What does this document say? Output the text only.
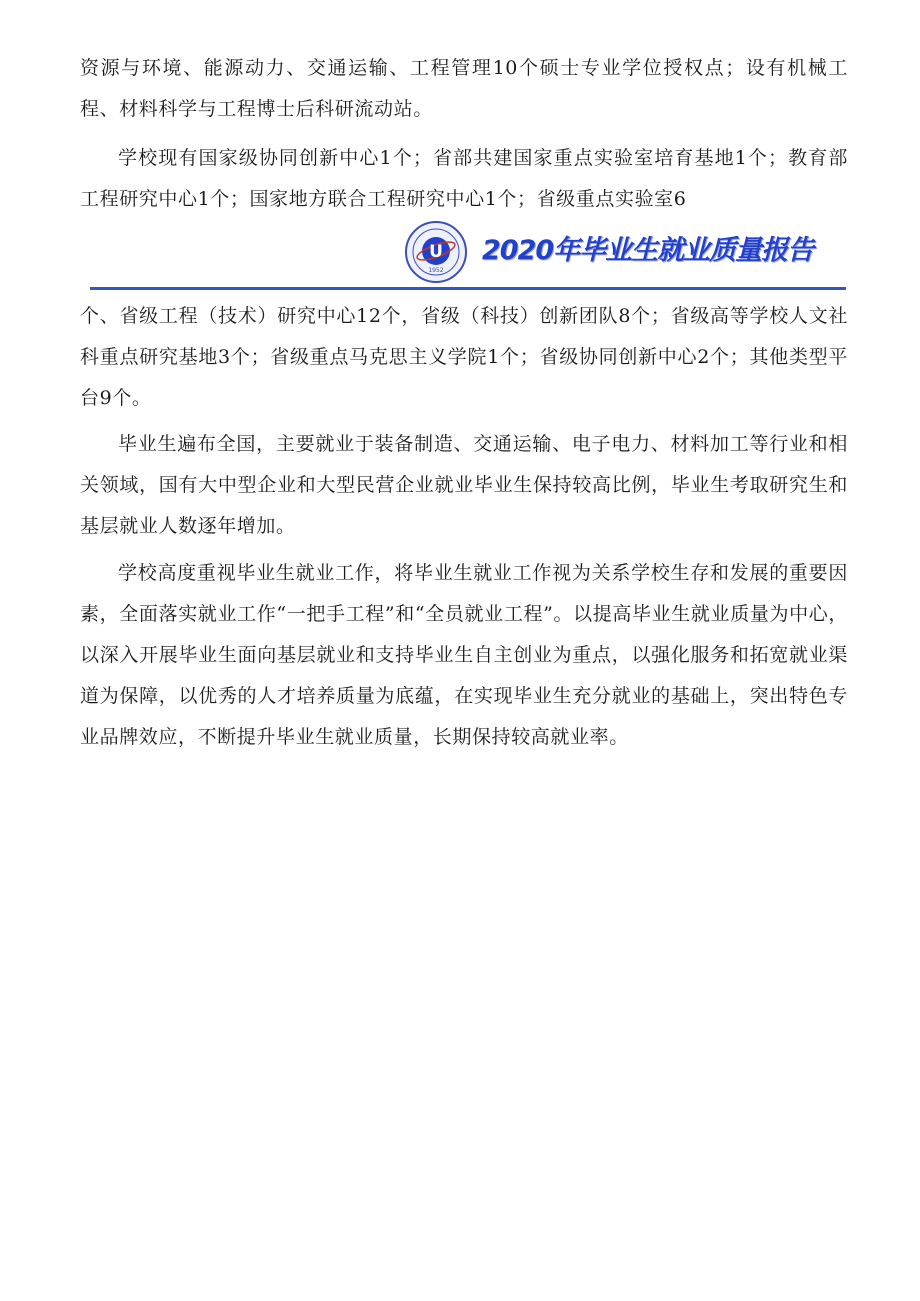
资源与环境、能源动力、交通运输、工程管理10个硕士专业学位授权点；设有机械工程、材料科学与工程博士后科研流动站。

学校现有国家级协同创新中心1个；省部共建国家重点实验室培育基地1个；教育部工程研究中心1个；国家地方联合工程研究中心1个；省级重点实验室6

U
1952
2020年毕业生就业质量报告

个、省级工程（技术）研究中心12个，省级（科技）创新团队8个；省级高等学校人文社科重点研究基地3个；省级重点马克思主义学院1个；省级协同创新中心2个；其他类型平台9个。

毕业生遍布全国，主要就业于装备制造、交通运输、电子电力、材料加工等行业和相关领域，国有大中型企业和大型民营企业就业毕业生保持较高比例，毕业生考取研究生和基层就业人数逐年增加。

学校高度重视毕业生就业工作，将毕业生就业工作视为关系学校生存和发展的重要因素，全面落实就业工作“一把手工程”和“全员就业工程”。以提高毕业生就业质量为中心，以深入开展毕业生面向基层就业和支持毕业生自主创业为重点，以强化服务和拓宽就业渠道为保障，以优秀的人才培养质量为底蕴，在实现毕业生充分就业的基础上，突出特色专业品牌效应，不断提升毕业生就业质量，长期保持较高就业率。
